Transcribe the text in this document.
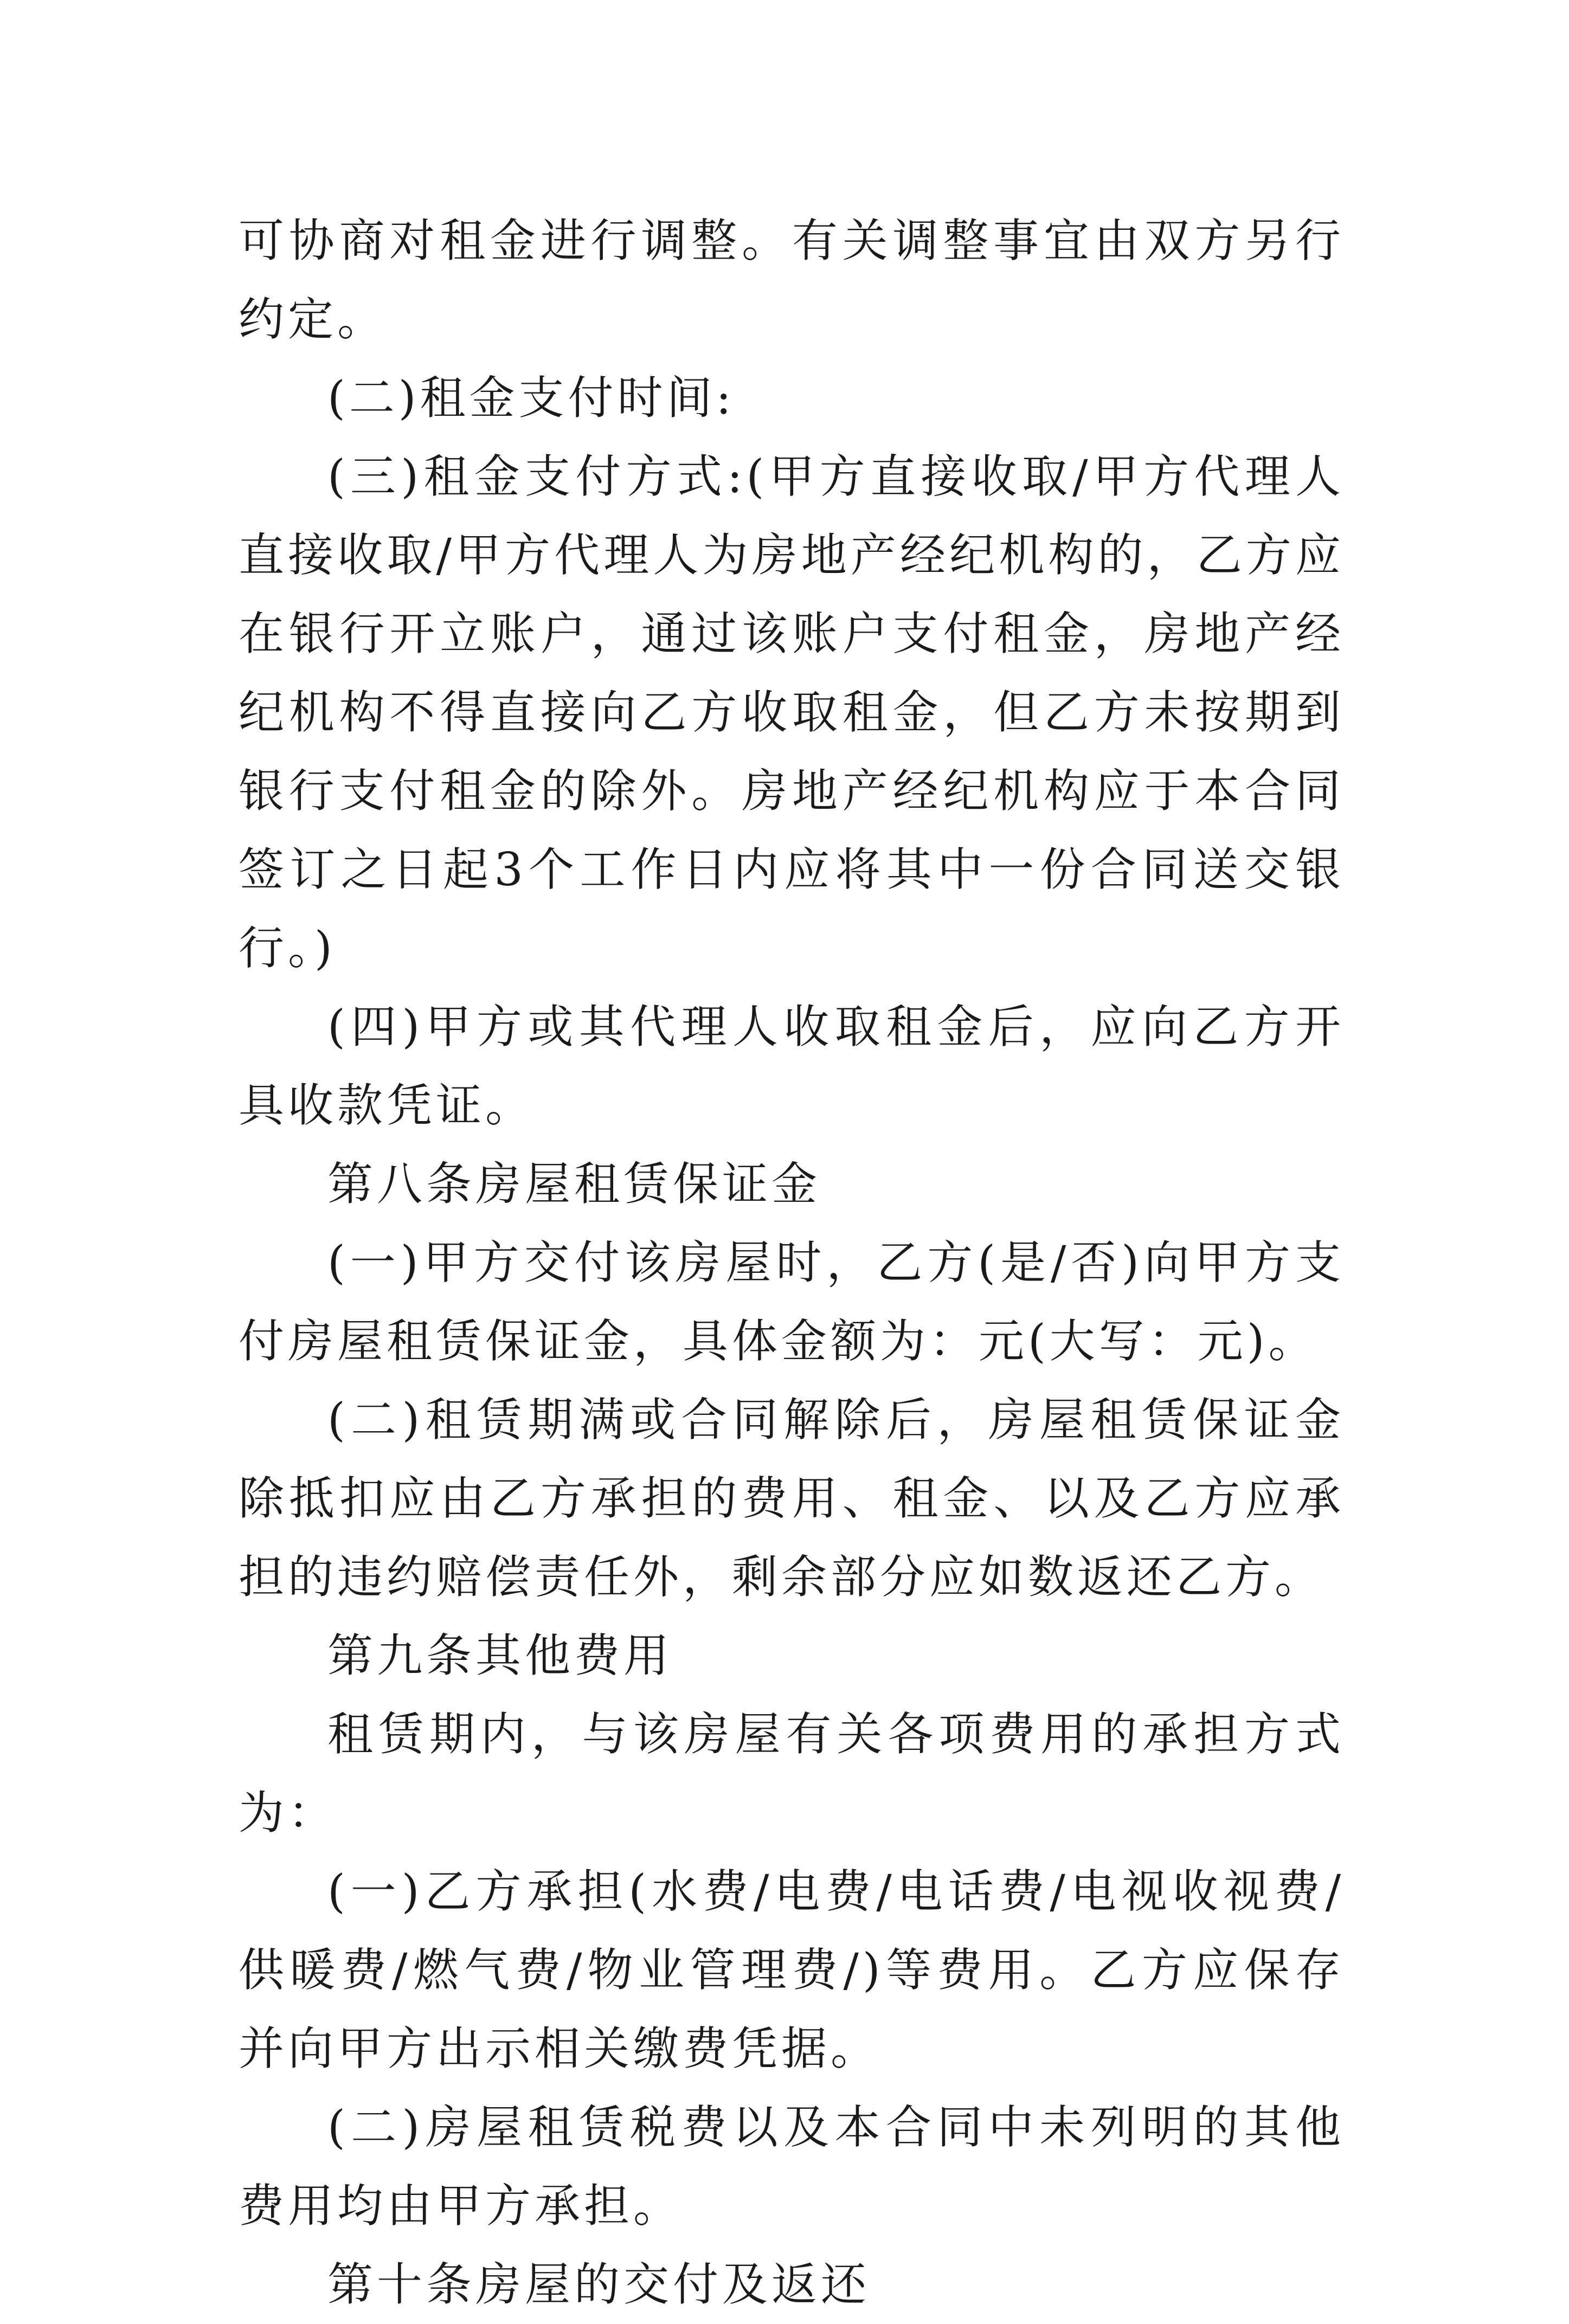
可协商对租金进行调整。有关调整事宜由双方另行约定。

(二)租金支付时间:

(三)租金支付方式:(甲方直接收取/甲方代理人直接收取/甲方代理人为房地产经纪机构的，乙方应在银行开立账户，通过该账户支付租金，房地产经纪机构不得直接向乙方收取租金，但乙方未按期到银行支付租金的除外。房地产经纪机构应于本合同签订之日起3个工作日内应将其中一份合同送交银行。)

(四)甲方或其代理人收取租金后，应向乙方开具收款凭证。

第八条房屋租赁保证金

(一)甲方交付该房屋时，乙方(是/否)向甲方支付房屋租赁保证金，具体金额为：元(大写：元)。

(二)租赁期满或合同解除后，房屋租赁保证金除抵扣应由乙方承担的费用、租金、以及乙方应承担的违约赔偿责任外，剩余部分应如数返还乙方。

第九条其他费用

租赁期内，与该房屋有关各项费用的承担方式为：

(一)乙方承担(水费/电费/电话费/电视收视费/供暖费/燃气费/物业管理费/)等费用。乙方应保存并向甲方出示相关缴费凭据。

(二)房屋租赁税费以及本合同中未列明的其他费用均由甲方承担。

第十条房屋的交付及返还
